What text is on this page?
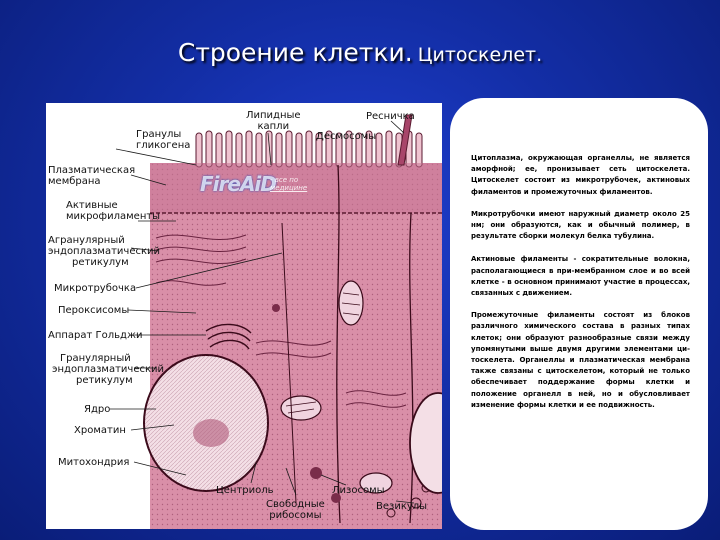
Строение клетки. Цитоскелет.
Гранулы
гликогена
Липидные
капли
Ресничка
Десмосомы
Плазматическая
мембрана
Активные
микрофиламенты
Агранулярный
эндоплазматический
ретикулум
Микротрубочка
Пероксисомы
Аппарат Гольджи
Гранулярный
эндоплазматический
ретикулум
Ядро
Хроматин
Митохондрия
Центриоль	Лизосомы
Свободные
рибосомы
Везикулы
FireAiD
- все по
медицине

Цитоплазма, окружающая органеллы, не является аморфной; ее, пронизывает сеть цитоскелета. Цитоскелет состоит из микротрубочек, актиновых филаментов и промежуточных филаментов.

Микротрубочки имеют наружный диаметр около 25 нм; они образуются, как и обычный полимер, в результате сборки молекул белка тубулина.

Актиновые филаменты - сократительные волокна, располагающиеся в при-мембранном слое и во всей клетке - в основном принимают участие в процессах, связанных с движением.

Промежуточные филаменты состоят из блоков различного химического состава в разных типах клеток; они образуют разнообразные связи между упомянутыми выше двумя другими элементами ци-тоскелета. Органеллы и плазматическая мембрана также связаны с цитоскелетом, который не только обеспечивает поддержание формы клетки и положение органелл в ней, но и обусловливает изменение формы клетки и ее подвижность.
